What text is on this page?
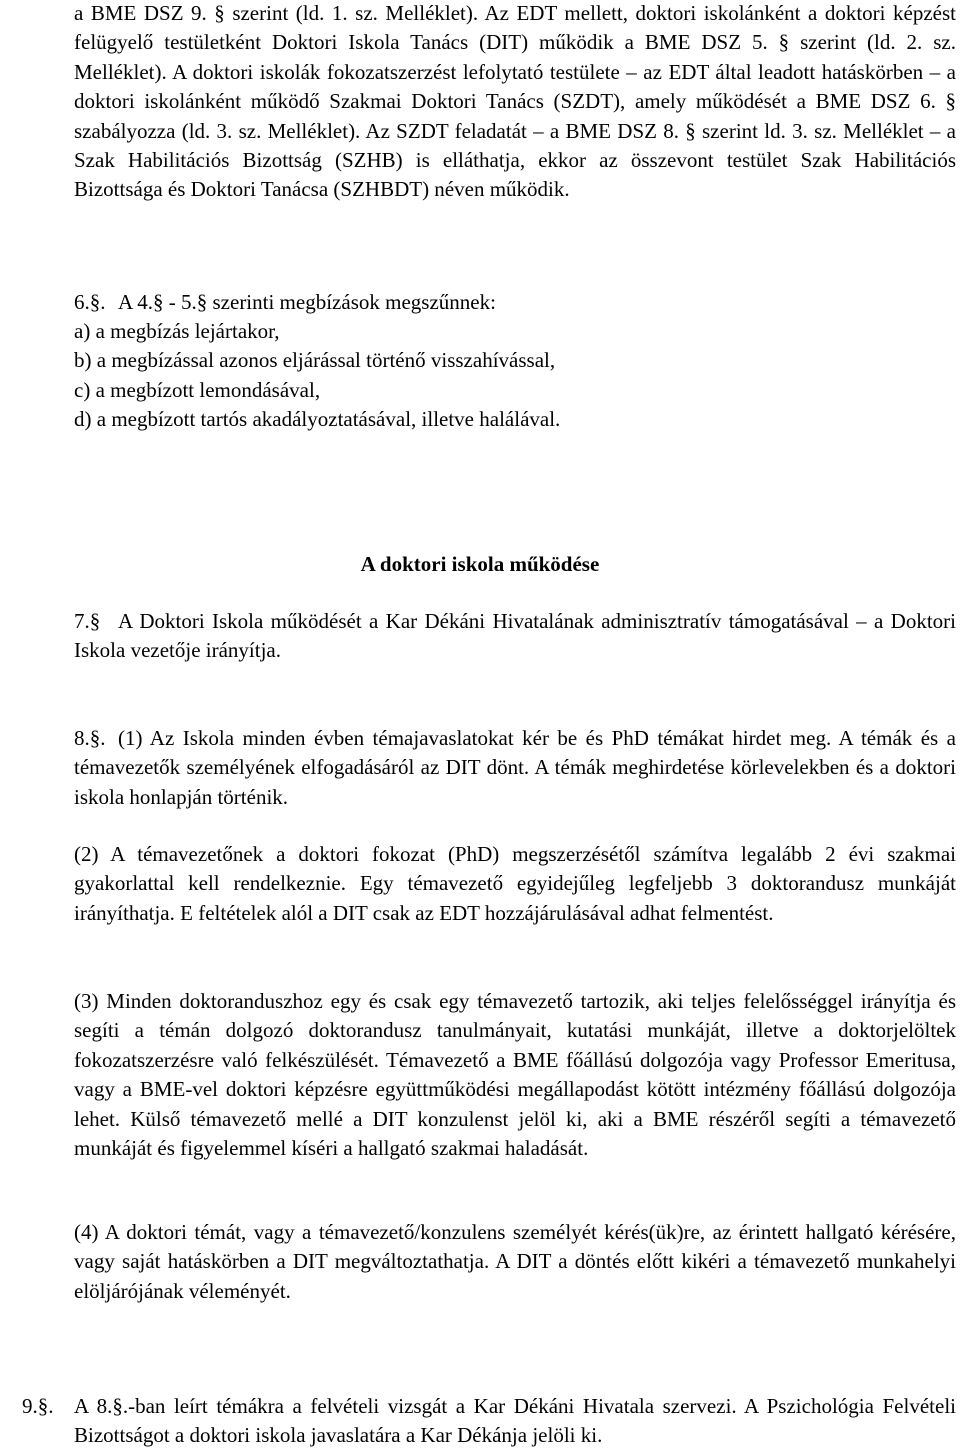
a BME DSZ 9. § szerint (ld. 1. sz. Melléklet). Az EDT mellett, doktori iskolánként a doktori képzést felügyelő testületként Doktori Iskola Tanács (DIT) működik a BME DSZ 5. § szerint (ld. 2. sz. Melléklet). A doktori iskolák fokozatszerzést lefolytató testülete – az EDT által leadott hatáskörben – a doktori iskolánként működő Szakmai Doktori Tanács (SZDT), amely működését a BME DSZ 6. § szabályozza (ld. 3. sz. Melléklet). Az SZDT feladatát – a BME DSZ 8. § szerint ld. 3. sz. Melléklet – a Szak Habilitációs Bizottság (SZHB) is elláthatja, ekkor az összevont testület Szak Habilitációs Bizottsága és Doktori Tanácsa (SZHBDT) néven működik.

6.§. A 4.§ - 5.§ szerinti megbízások megszűnnek:
a) a megbízás lejártakor,
b) a megbízással azonos eljárással történő visszahívással,
c) a megbízott lemondásával,
d) a megbízott tartós akadályoztatásával, illetve halálával.
A doktori iskola működése
7.§ A Doktori Iskola működését a Kar Dékáni Hivatalának adminisztratív támogatásával – a Doktori Iskola vezetője irányítja.

8.§. (1) Az Iskola minden évben témajavaslatokat kér be és PhD témákat hirdet meg. A témák és a témavezetők személyének elfogadásáról az DIT dönt. A témák meghirdetése körlevelekben és a doktori iskola honlapján történik.

(2) A témavezetőnek a doktori fokozat (PhD) megszerzésétől számítva legalább 2 évi szakmai gyakorlattal kell rendelkeznie. Egy témavezető egyidejűleg legfeljebb 3 doktorandusz munkáját irányíthatja. E feltételek alól a DIT csak az EDT hozzájárulásával adhat felmentést.

(3) Minden doktoranduszhoz egy és csak egy témavezető tartozik, aki teljes felelősséggel irányítja és segíti a témán dolgozó doktorandusz tanulmányait, kutatási munkáját, illetve a doktorjelöltek fokozatszerzésre való felkészülését. Témavezető a BME főállású dolgozója vagy Professor Emeritusa, vagy a BME-vel doktori képzésre együttműködési megállapodást kötött intézmény főállású dolgozója lehet. Külső témavezető mellé a DIT konzulenst jelöl ki, aki a BME részéről segíti a témavezető munkáját és figyelemmel kíséri a hallgató szakmai haladását.

(4) A doktori témát, vagy a témavezető/konzulens személyét kérés(ük)re, az érintett hallgató kérésére, vagy saját hatáskörben a DIT megváltoztathatja. A DIT a döntés előtt kikéri a témavezető munkahelyi elöljárójának véleményét.

9.§. A 8.§.-ban leírt témákra a felvételi vizsgát a Kar Dékáni Hivatala szervezi. A Pszichológia Felvételi Bizottságot a doktori iskola javaslatára a Kar Dékánja jelöli ki.
